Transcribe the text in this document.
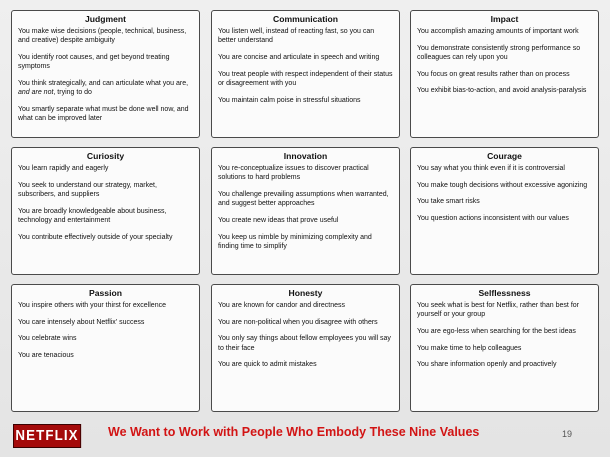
Judgment
You make wise decisions (people, technical, business, and creative) despite ambiguity
You identify root causes, and get beyond treating symptoms
You think strategically, and can articulate what you are, and are not, trying to do
You smartly separate what must be done well now, and what can be improved later
Communication
You listen well, instead of reacting fast, so you can better understand
You are concise and articulate in speech and writing
You treat people with respect independent of their status or disagreement with you
You maintain calm poise in stressful situations
Impact
You accomplish amazing amounts of important work
You demonstrate consistently strong performance so colleagues can rely upon you
You focus on great results rather than on process
You exhibit bias-to-action, and avoid analysis-paralysis
Curiosity
You learn rapidly and eagerly
You seek to understand our strategy, market, subscribers, and suppliers
You are broadly knowledgeable about business, technology and entertainment
You contribute effectively outside of your specialty
Innovation
You re-conceptualize issues to discover practical solutions to hard problems
You challenge prevailing assumptions when warranted, and suggest better approaches
You create new ideas that prove useful
You keep us nimble by minimizing complexity and finding time to simplify
Courage
You say what you think even if it is controversial
You make tough decisions without excessive agonizing
You take smart risks
You question actions inconsistent with our values
Passion
You inspire others with your thirst for excellence
You care intensely about Netflix' success
You celebrate wins
You are tenacious
Honesty
You are known for candor and directness
You are non-political when you disagree with others
You only say things about fellow employees you will say to their face
You are quick to admit mistakes
Selflessness
You seek what is best for Netflix, rather than best for yourself or your group
You are ego-less when searching for the best ideas
You make time to help colleagues
You share information openly and proactively
NETFLIX We Want to Work with People Who Embody These Nine Values	19
